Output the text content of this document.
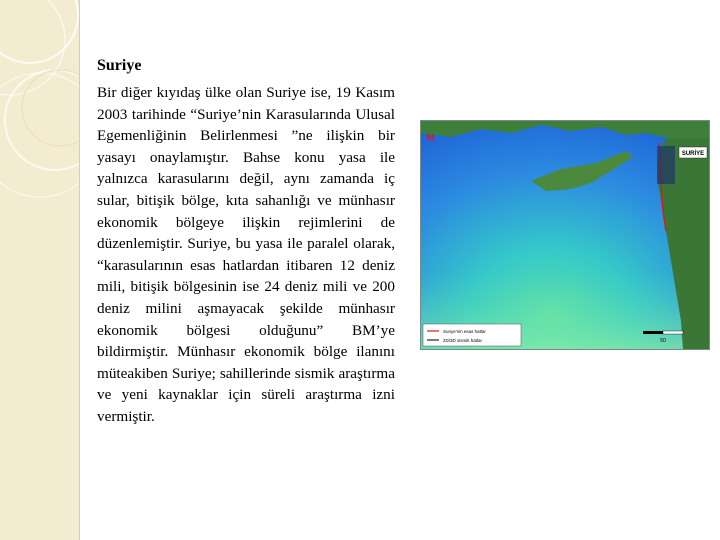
Suriye
Bir diğer kıyıdaş ülke olan Suriye ise, 19 Kasım 2003 tarihinde “Suriye’nin Karasularında Ulusal Egemenliğinin Belirlenmesi ”ne ilişkin bir yasayı onaylamıştır. Bahse konu yasa ile yalnızca karasularını değil, aynı zamanda iç sular, bitişik bölge, kıta sahanlığı ve münhasır ekonomik bölgeye ilişkin rejimlerini de düzenlemiştir. Suriye, bu yasa ile paralel olarak, “karasularının esas hatlardan itibaren 12 deniz mili, bitişik bölgesinin ise 24 deniz mili ve 200 deniz milini aşmayacak şekilde münhasır ekonomik bölgesi olduğunu” BM’ye bildirmiştir. Münhasır ekonomik bölge ilanını müteakiben Suriye; sahillerinde sismik araştırma ve yeni kaynaklar için süreli araştırma izni vermiştir.
SURİYE
N
Suriye'nin esas hatlar
2D/3D sismik hatlar	50
